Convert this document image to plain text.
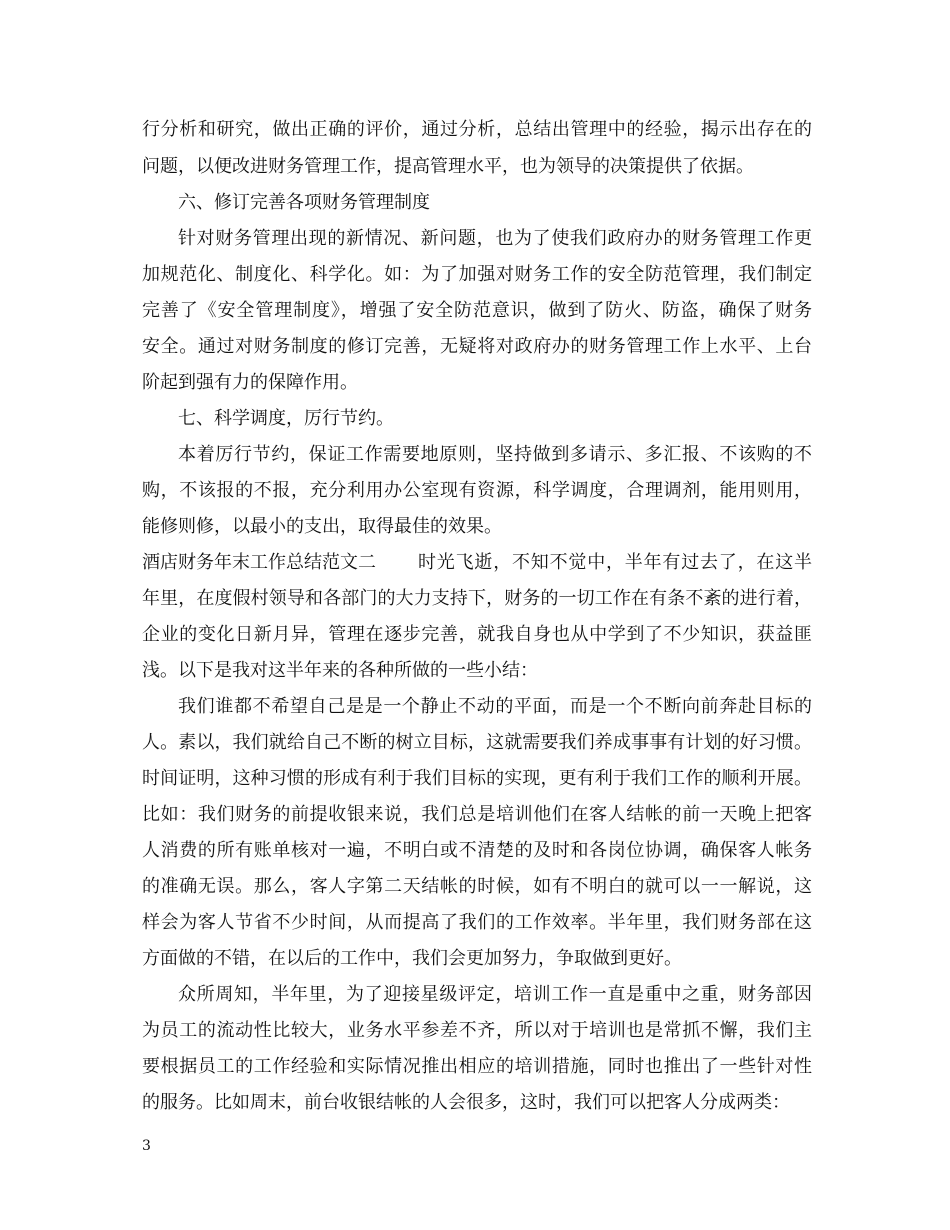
行分析和研究，做出正确的评价，通过分析，总结出管理中的经验，揭示出存在的
问题，以便改进财务管理工作，提高管理水平，也为领导的决策提供了依据。
六、修订完善各项财务管理制度
针对财务管理出现的新情况、新问题，也为了使我们政府办的财务管理工作更
加规范化、制度化、科学化。如：为了加强对财务工作的安全防范管理，我们制定
完善了《安全管理制度》，增强了安全防范意识，做到了防火、防盗，确保了财务
安全。通过对财务制度的修订完善，无疑将对政府办的财务管理工作上水平、上台
阶起到强有力的保障作用。
七、科学调度，厉行节约。
本着厉行节约，保证工作需要地原则，坚持做到多请示、多汇报、不该购的不
购，不该报的不报，充分利用办公室现有资源，科学调度，合理调剂，能用则用，
能修则修，以最小的支出，取得最佳的效果。
酒店财务年末工作总结范文二 时光飞逝，不知不觉中，半年有过去了，在这半
年里，在度假村领导和各部门的大力支持下，财务的一切工作在有条不紊的进行着，
企业的变化日新月异，管理在逐步完善，就我自身也从中学到了不少知识，获益匪
浅。以下是我对这半年来的各种所做的一些小结：
我们谁都不希望自己是是一个静止不动的平面，而是一个不断向前奔赴目标的
人。素以，我们就给自己不断的树立目标，这就需要我们养成事事有计划的好习惯。
时间证明，这种习惯的形成有利于我们目标的实现，更有利于我们工作的顺利开展。
比如：我们财务的前提收银来说，我们总是培训他们在客人结帐的前一天晚上把客
人消费的所有账单核对一遍，不明白或不清楚的及时和各岗位协调，确保客人帐务
的准确无误。那么，客人字第二天结帐的时候，如有不明白的就可以一一解说，这
样会为客人节省不少时间，从而提高了我们的工作效率。半年里，我们财务部在这
方面做的不错，在以后的工作中，我们会更加努力，争取做到更好。
众所周知，半年里，为了迎接星级评定，培训工作一直是重中之重，财务部因
为员工的流动性比较大，业务水平参差不齐，所以对于培训也是常抓不懈，我们主
要根据员工的工作经验和实际情况推出相应的培训措施，同时也推出了一些针对性
的服务。比如周末，前台收银结帐的人会很多，这时，我们可以把客人分成两类：
3
